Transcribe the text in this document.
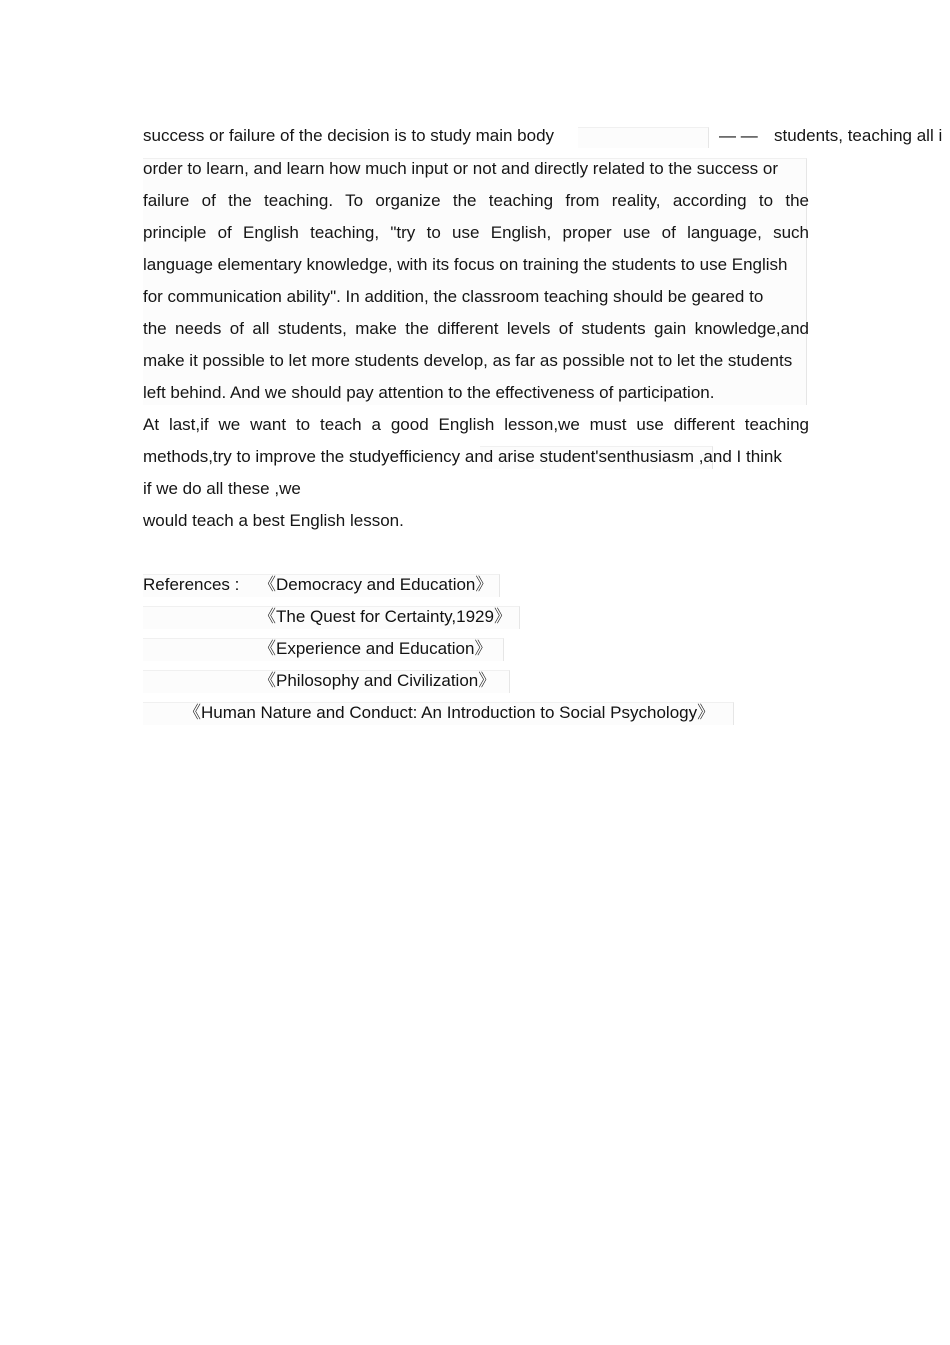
success or failure of the decision is to study main body	— — students, teaching all i
order to learn, and learn how much input or not and directly related to the success or
failure of the teaching. To organize the teaching from reality, according to the
principle of English teaching, "try to use English, proper use of language, such
language elementary knowledge, with its focus on training the students to use English
for communication ability". In addition, the classroom teaching should be geared to
the needs of all students, make the different levels of students gain knowledge,and
make it possible to let more students develop, as far as possible not to let the students
left behind. And we should pay attention to the effectiveness of participation.
At last,if we want to teach a good English lesson,we must use different teaching
methods,try to improve the studyefficiency and arise student'senthusiasm ,and I think
if we do all these ,we
would teach a best English lesson.
References : 《Democracy and Education》
《The Quest for Certainty,1929》
《Experience and Education》
《Philosophy and Civilization》
《Human Nature and Conduct: An Introduction to Social Psychology》
